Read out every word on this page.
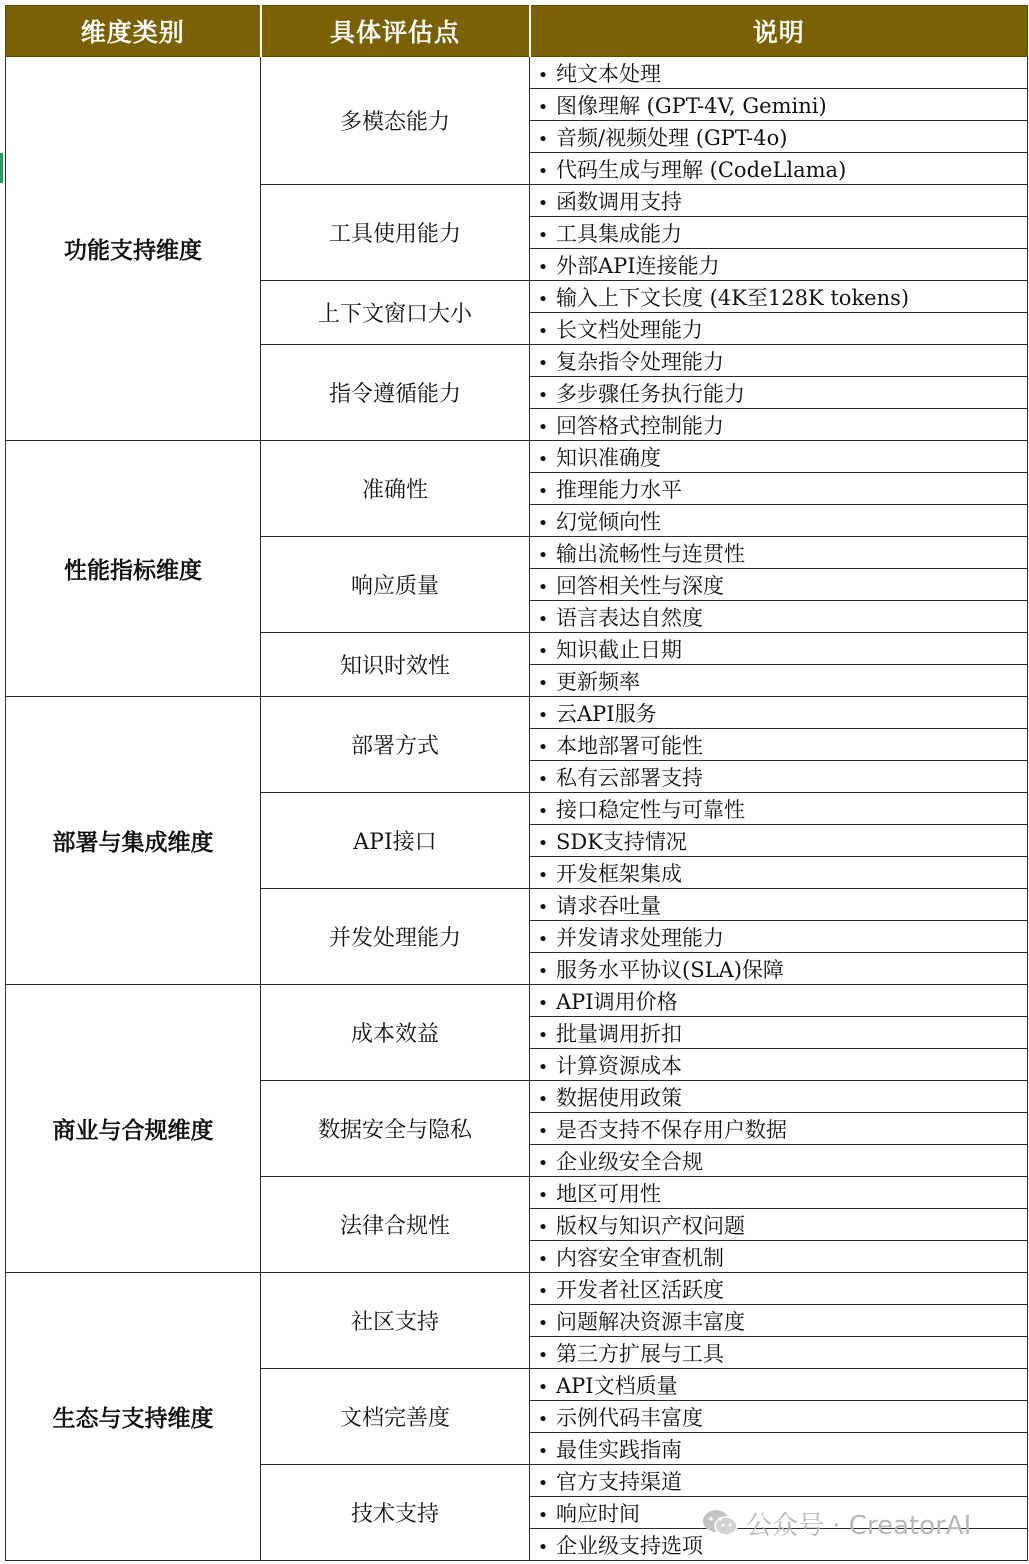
维度类别	具体评估点	说明
功能支持维度	多模态能力	• 纯文本处理
		• 图像理解 (GPT-4V, Gemini)
		• 音频/视频处理 (GPT-4o)
		• 代码生成与理解 (CodeLlama)
	工具使用能力	• 函数调用支持
		• 工具集成能力
		• 外部API连接能力
	上下文窗口大小	• 输入上下文长度 (4K至128K tokens)
		• 长文档处理能力
	指令遵循能力	• 复杂指令处理能力
		• 多步骤任务执行能力
		• 回答格式控制能力
性能指标维度	准确性	• 知识准确度
		• 推理能力水平
		• 幻觉倾向性
	响应质量	• 输出流畅性与连贯性
		• 回答相关性与深度
		• 语言表达自然度
	知识时效性	• 知识截止日期
		• 更新频率
部署与集成维度	部署方式	• 云API服务
		• 本地部署可能性
		• 私有云部署支持
	API接口	• 接口稳定性与可靠性
		• SDK支持情况
		• 开发框架集成
	并发处理能力	• 请求吞吐量
		• 并发请求处理能力
		• 服务水平协议(SLA)保障
商业与合规维度	成本效益	• API调用价格
		• 批量调用折扣
		• 计算资源成本
	数据安全与隐私	• 数据使用政策
		• 是否支持不保存用户数据
		• 企业级安全合规
	法律合规性	• 地区可用性
		• 版权与知识产权问题
		• 内容安全审查机制
生态与支持维度	社区支持	• 开发者社区活跃度
		• 问题解决资源丰富度
		• 第三方扩展与工具
	文档完善度	• API文档质量
		• 示例代码丰富度
		• 最佳实践指南
	技术支持	• 官方支持渠道
		• 响应时间
		• 企业级支持选项
公众号 · CreatorAI
